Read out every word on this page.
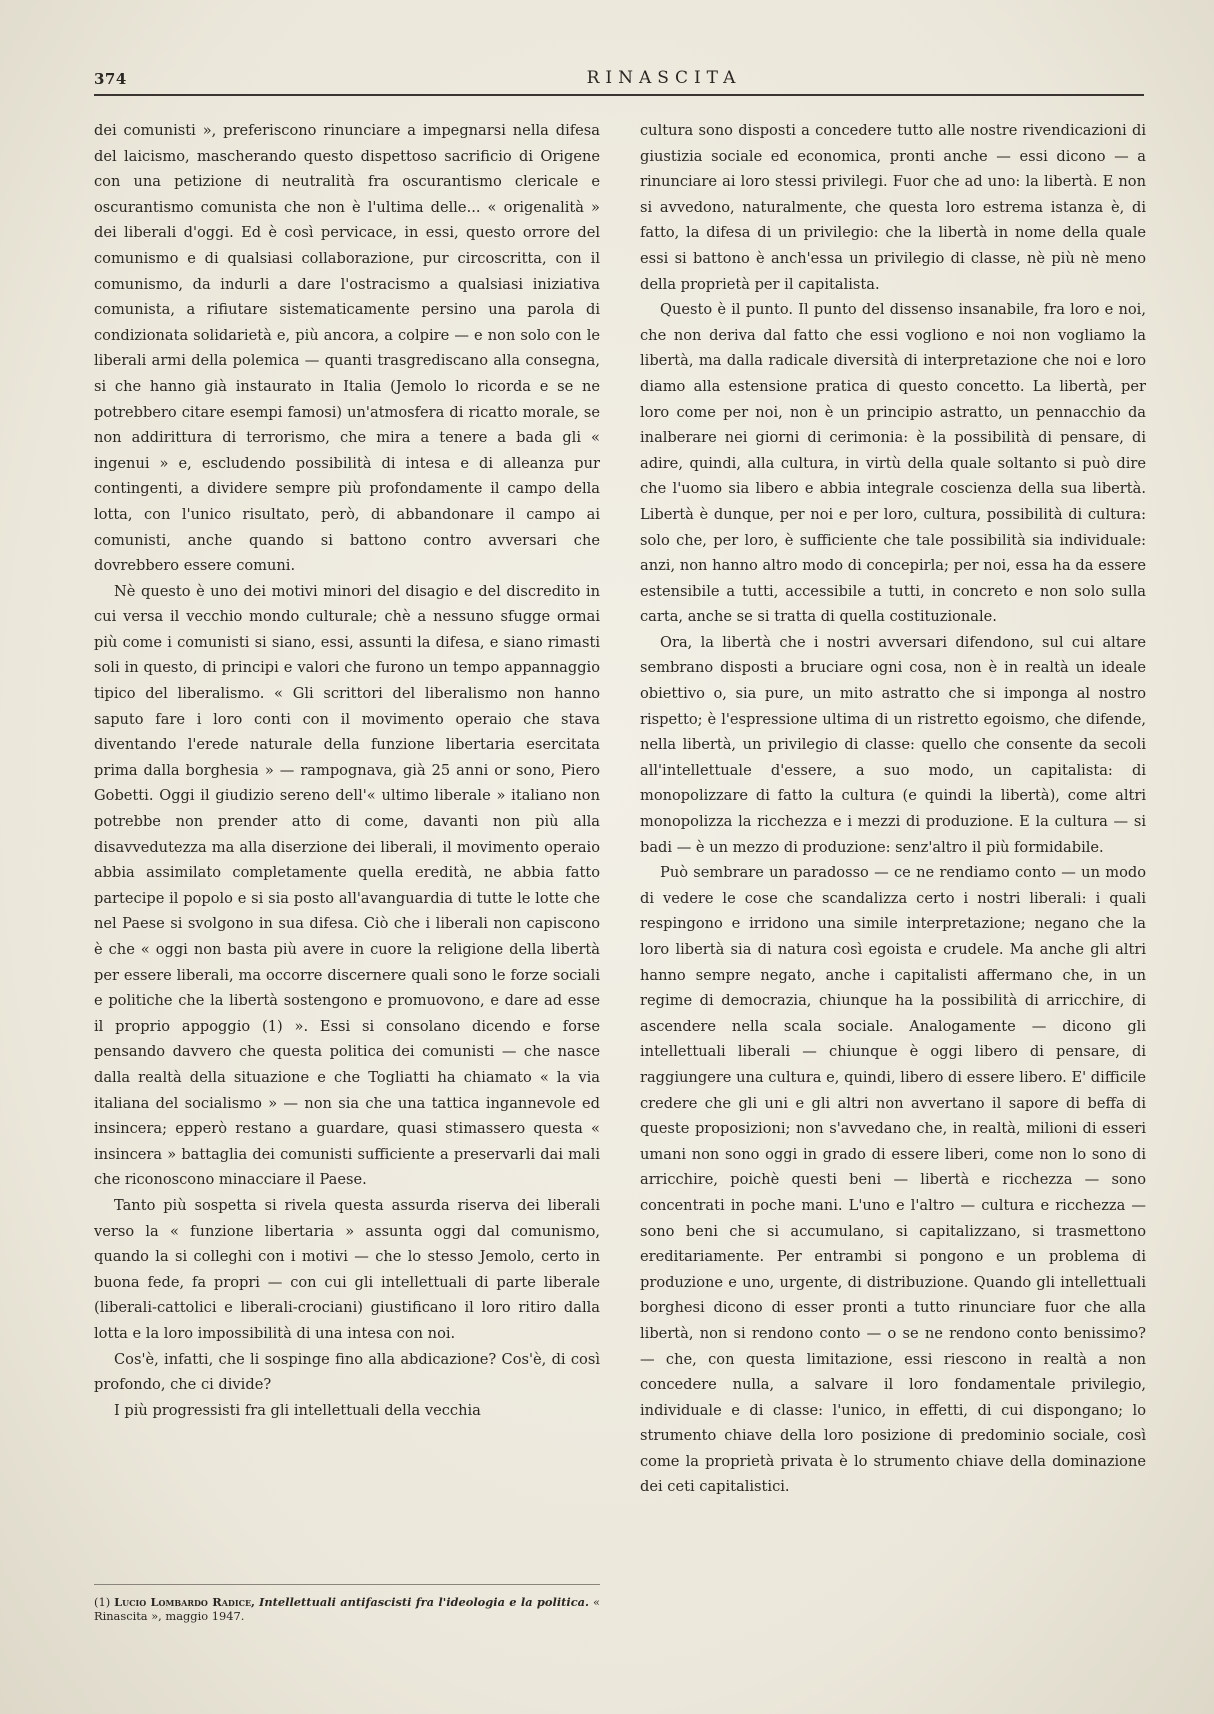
374	RINASCITA

dei comunisti », preferiscono rinunciare a impegnarsi nella difesa del laicismo, mascherando questo dispettoso sacrificio di Origene con una petizione di neutralità fra oscurantismo clericale e oscurantismo comunista che non è l'ultima delle... « origenalità » dei liberali d'oggi. Ed è così pervicace, in essi, questo orrore del comunismo e di qualsiasi collaborazione, pur circoscritta, con il comunismo, da indurli a dare l'ostracismo a qualsiasi iniziativa comunista, a rifiutare sistematicamente persino una parola di condizionata solidarietà e, più ancora, a colpire — e non solo con le liberali armi della polemica — quanti trasgrediscano alla consegna, si che hanno già instaurato in Italia (Jemolo lo ricorda e se ne potrebbero citare esempi famosi) un'atmosfera di ricatto morale, se non addirittura di terrorismo, che mira a tenere a bada gli « ingenui » e, escludendo possibilità di intesa e di alleanza pur contingenti, a dividere sempre più profondamente il campo della lotta, con l'unico risultato, però, di abbandonare il campo ai comunisti, anche quando si battono contro avversari che dovrebbero essere comuni.

Nè questo è uno dei motivi minori del disagio e del discredito in cui versa il vecchio mondo culturale; chè a nessuno sfugge ormai più come i comunisti si siano, essi, assunti la difesa, e siano rimasti soli in questo, di principi e valori che furono un tempo appannaggio tipico del liberalismo. « Gli scrittori del liberalismo non hanno saputo fare i loro conti con il movimento operaio che stava diventando l'erede naturale della funzione libertaria esercitata prima dalla borghesia » — rampognava, già 25 anni or sono, Piero Gobetti. Oggi il giudizio sereno dell'« ultimo liberale » italiano non potrebbe non prender atto di come, davanti non più alla disavvedutezza ma alla diserzione dei liberali, il movimento operaio abbia assimilato completamente quella eredità, ne abbia fatto partecipe il popolo e si sia posto all'avanguardia di tutte le lotte che nel Paese si svolgono in sua difesa. Ciò che i liberali non capiscono è che « oggi non basta più avere in cuore la religione della libertà per essere liberali, ma occorre discernere quali sono le forze sociali e politiche che la libertà sostengono e promuovono, e dare ad esse il proprio appoggio (1) ». Essi si consolano dicendo e forse pensando davvero che questa politica dei comunisti — che nasce dalla realtà della situazione e che Togliatti ha chiamato « la via italiana del socialismo » — non sia che una tattica ingannevole ed insincera; epperò restano a guardare, quasi stimassero questa « insincera » battaglia dei comunisti sufficiente a preservarli dai mali che riconoscono minacciare il Paese.

Tanto più sospetta si rivela questa assurda riserva dei liberali verso la « funzione libertaria » assunta oggi dal comunismo, quando la si colleghi con i motivi — che lo stesso Jemolo, certo in buona fede, fa propri — con cui gli intellettuali di parte liberale (liberali-cattolici e liberali-crociani) giustificano il loro ritiro dalla lotta e la loro impossibilità di una intesa con noi.

Cos'è, infatti, che li sospinge fino alla abdicazione? Cos'è, di così profondo, che ci divide?

I più progressisti fra gli intellettuali della vecchia

cultura sono disposti a concedere tutto alle nostre rivendicazioni di giustizia sociale ed economica, pronti anche — essi dicono — a rinunciare ai loro stessi privilegi. Fuor che ad uno: la libertà. E non si avvedono, naturalmente, che questa loro estrema istanza è, di fatto, la difesa di un privilegio: che la libertà in nome della quale essi si battono è anch'essa un privilegio di classe, nè più nè meno della proprietà per il capitalista.

Questo è il punto. Il punto del dissenso insanabile, fra loro e noi, che non deriva dal fatto che essi vogliono e noi non vogliamo la libertà, ma dalla radicale diversità di interpretazione che noi e loro diamo alla estensione pratica di questo concetto. La libertà, per loro come per noi, non è un principio astratto, un pennacchio da inalberare nei giorni di cerimonia: è la possibilità di pensare, di adire, quindi, alla cultura, in virtù della quale soltanto si può dire che l'uomo sia libero e abbia integrale coscienza della sua libertà. Libertà è dunque, per noi e per loro, cultura, possibilità di cultura: solo che, per loro, è sufficiente che tale possibilità sia individuale: anzi, non hanno altro modo di concepirla; per noi, essa ha da essere estensibile a tutti, accessibile a tutti, in concreto e non solo sulla carta, anche se si tratta di quella costituzionale.

Ora, la libertà che i nostri avversari difendono, sul cui altare sembrano disposti a bruciare ogni cosa, non è in realtà un ideale obiettivo o, sia pure, un mito astratto che si imponga al nostro rispetto; è l'espressione ultima di un ristretto egoismo, che difende, nella libertà, un privilegio di classe: quello che consente da secoli all'intellettuale d'essere, a suo modo, un capitalista: di monopolizzare di fatto la cultura (e quindi la libertà), come altri monopolizza la ricchezza e i mezzi di produzione. E la cultura — si badi — è un mezzo di produzione: senz'altro il più formidabile.

Può sembrare un paradosso — ce ne rendiamo conto — un modo di vedere le cose che scandalizza certo i nostri liberali: i quali respingono e irridono una simile interpretazione; negano che la loro libertà sia di natura così egoista e crudele. Ma anche gli altri hanno sempre negato, anche i capitalisti affermano che, in un regime di democrazia, chiunque ha la possibilità di arricchire, di ascendere nella scala sociale. Analogamente — dicono gli intellettuali liberali — chiunque è oggi libero di pensare, di raggiungere una cultura e, quindi, libero di essere libero. E' difficile credere che gli uni e gli altri non avvertano il sapore di beffa di queste proposizioni; non s'avvedano che, in realtà, milioni di esseri umani non sono oggi in grado di essere liberi, come non lo sono di arricchire, poichè questi beni — libertà e ricchezza — sono concentrati in poche mani. L'uno e l'altro — cultura e ricchezza — sono beni che si accumulano, si capitalizzano, si trasmettono ereditariamente. Per entrambi si pongono e un problema di produzione e uno, urgente, di distribuzione. Quando gli intellettuali borghesi dicono di esser pronti a tutto rinunciare fuor che alla libertà, non si rendono conto — o se ne rendono conto benissimo? — che, con questa limitazione, essi riescono in realtà a non concedere nulla, a salvare il loro fondamentale privilegio, individuale e di classe: l'unico, in effetti, di cui dispongano; lo strumento chiave della loro posizione di predominio sociale, così come la proprietà privata è lo strumento chiave della dominazione dei ceti capitalistici.

(1) Lucio Lombardo Radice, Intellettuali antifascisti fra l'ideologia e la politica. « Rinascita », maggio 1947.
